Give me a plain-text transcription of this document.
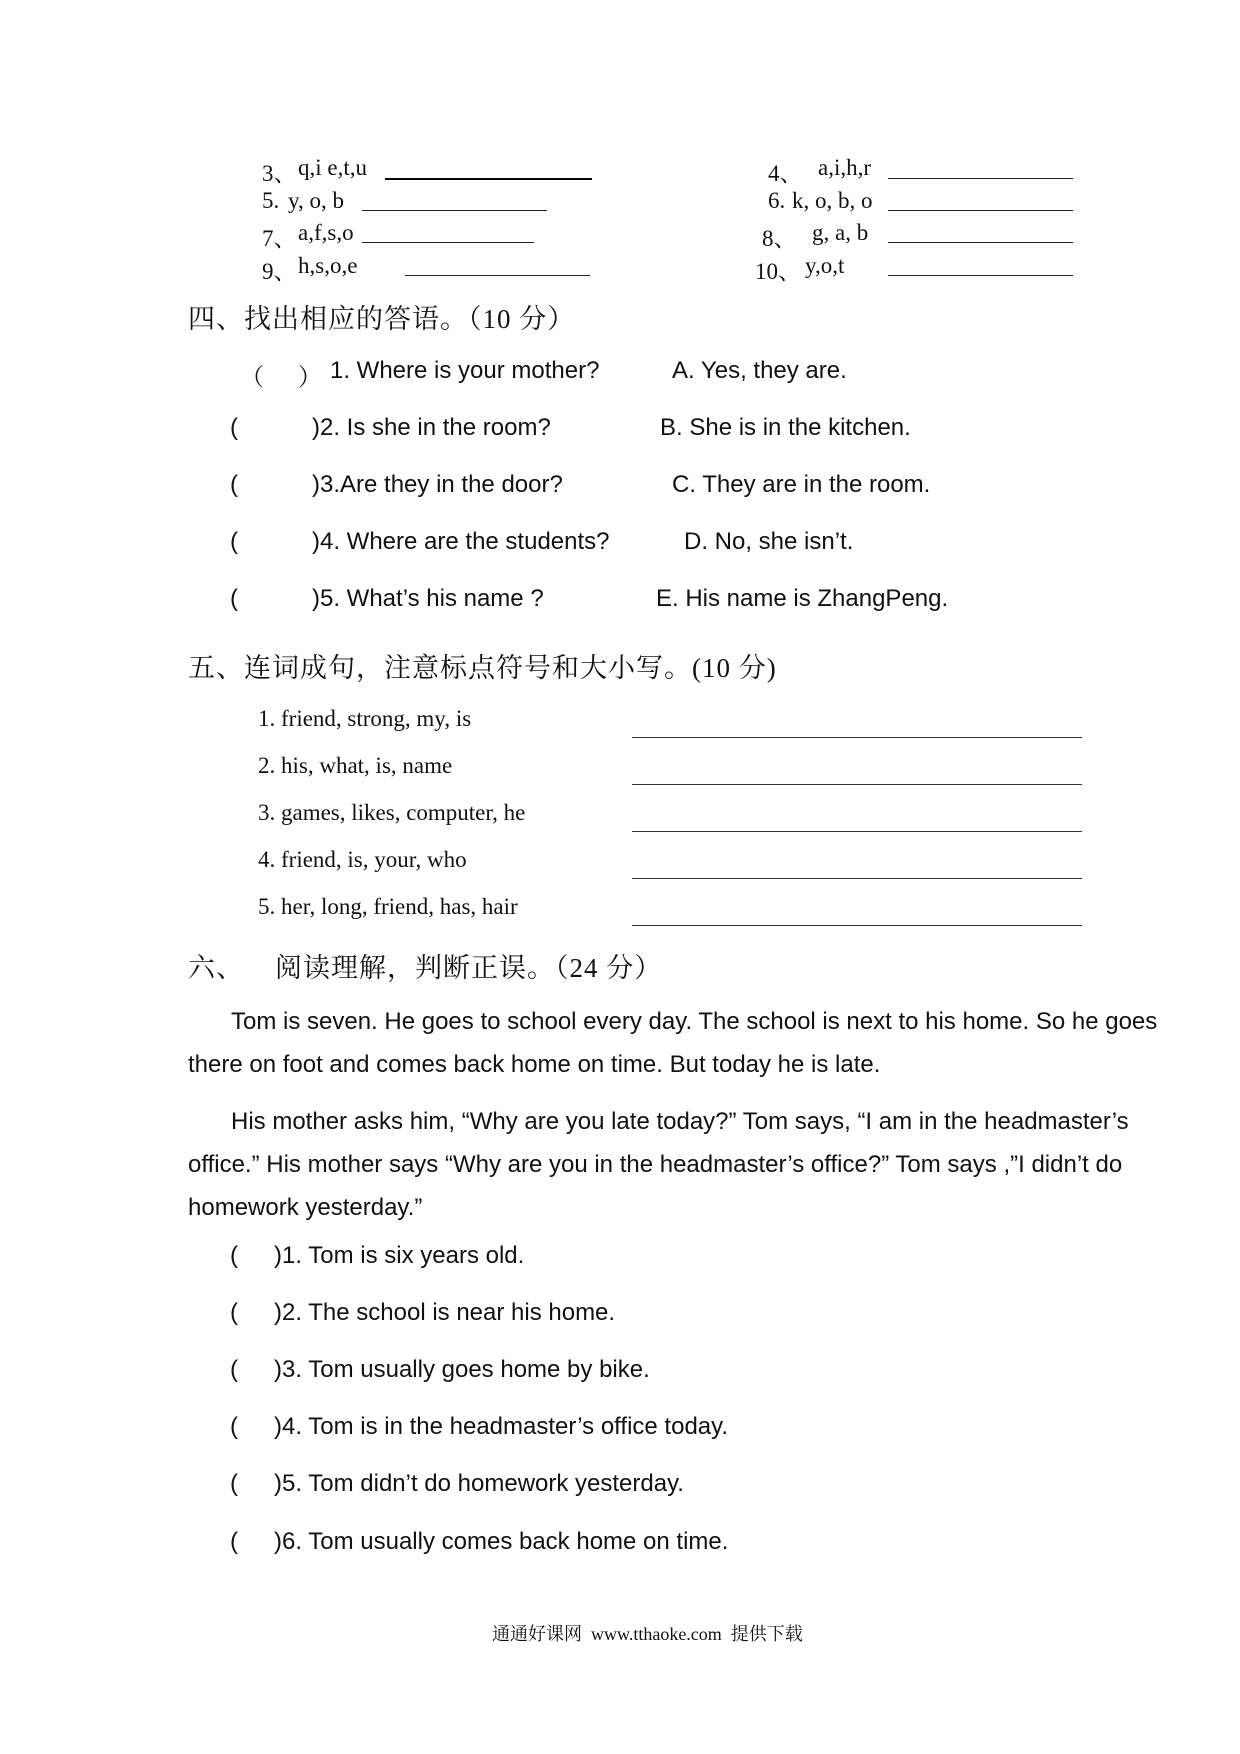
3、 q,i e,t,u	4、 a,i,h,r
5. y, o, b	6. k, o, b, o
7、 a,f,s,o	8、 g, a, b
9、 h,s,o,e	10、 y,o,t
四、找出相应的答语。（10 分）
（ ） 1. Where is your mother?	A. Yes, they are.
(	) 2. Is she in the room?	B. She is in the kitchen.
(	) 3.Are they in the door?	C. They are in the room.
(	) 4. Where are the students?	D. No, she isn’t.
(	) 5. What’s his name ?	E. His name is ZhangPeng.
五、连词成句，注意标点符号和大小写。(10 分)
1. friend, strong, my, is
2. his, what, is, name
3. games, likes, computer, he
4. friend, is, your, who
5. her, long, friend, has, hair
六、 阅读理解，判断正误。（24 分）
Tom is seven. He goes to school every day. The school is next to his home. So he goes there on foot and comes back home on time. But today he is late.
His mother asks him, “Why are you late today?” Tom says, “I am in the headmaster’s office.” His mother says “Why are you in the headmaster’s office?” Tom says ,”I didn’t do homework yesterday.”
( ) 1. Tom is six years old.
( ) 2. The school is near his home.
( ) 3. Tom usually goes home by bike.
( ) 4. Tom is in the headmaster’s office today.
( ) 5. Tom didn’t do homework yesterday.
( ) 6. Tom usually comes back home on time.
通通好课网  www.tthaoke.com  提供下载
